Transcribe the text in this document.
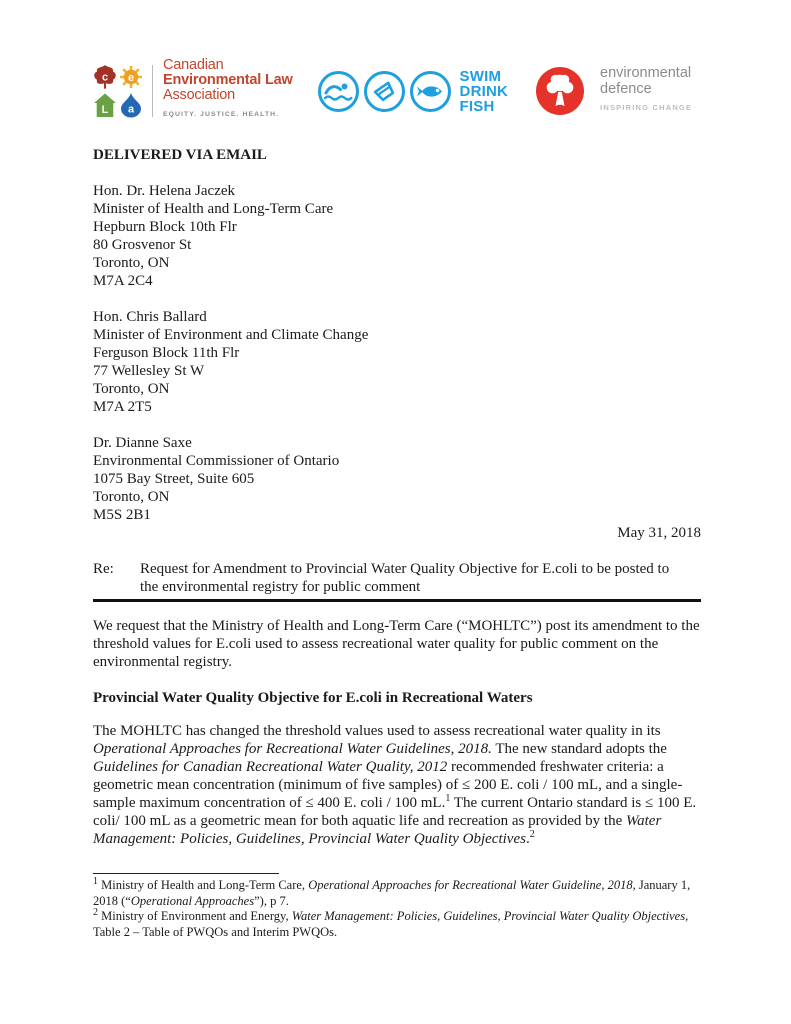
c e
L a
Canadian
Environmental Law
Association
EQUITY. JUSTICE. HEALTH.
SWIM
DRINK
FISH
environmental
defence
INSPIRING CHANGE

DELIVERED VIA EMAIL

Hon. Dr. Helena Jaczek
Minister of Health and Long-Term Care
Hepburn Block 10th Flr
80 Grosvenor St
Toronto, ON
M7A 2C4
Hon. Chris Ballard
Minister of Environment and Climate Change
Ferguson Block 11th Flr
77 Wellesley St W
Toronto, ON
M7A 2T5
Dr. Dianne Saxe
Environmental Commissioner of Ontario
1075 Bay Street, Suite 605
Toronto, ON
M5S 2B1
May 31, 2018
Re:	Request for Amendment to Provincial Water Quality Objective for E.coli to be posted to
the environmental registry for public comment

We request that the Ministry of Health and Long-Term Care (“MOHLTC”) post its amendment to the threshold values for E.coli used to assess recreational water quality for public comment on the environmental registry.

Provincial Water Quality Objective for E.coli in Recreational Waters

The MOHLTC has changed the threshold values used to assess recreational water quality in its Operational Approaches for Recreational Water Guidelines, 2018. The new standard adopts the Guidelines for Canadian Recreational Water Quality, 2012 recommended freshwater criteria: a geometric mean concentration (minimum of five samples) of ≤ 200 E. coli / 100 mL, and a single-sample maximum concentration of ≤ 400 E. coli / 100 mL.$^1$ The current Ontario standard is ≤ 100 E. coli/ 100 mL as a geometric mean for both aquatic life and recreation as provided by the Water Management: Policies, Guidelines, Provincial Water Quality Objectives.$^2$

$^1$ Ministry of Health and Long-Term Care, Operational Approaches for Recreational Water Guideline, 2018, January 1, 2018 (“Operational Approaches”), p 7.

$^2$ Ministry of Environment and Energy, Water Management: Policies, Guidelines, Provincial Water Quality Objectives, Table 2 – Table of PWQOs and Interim PWQOs.
